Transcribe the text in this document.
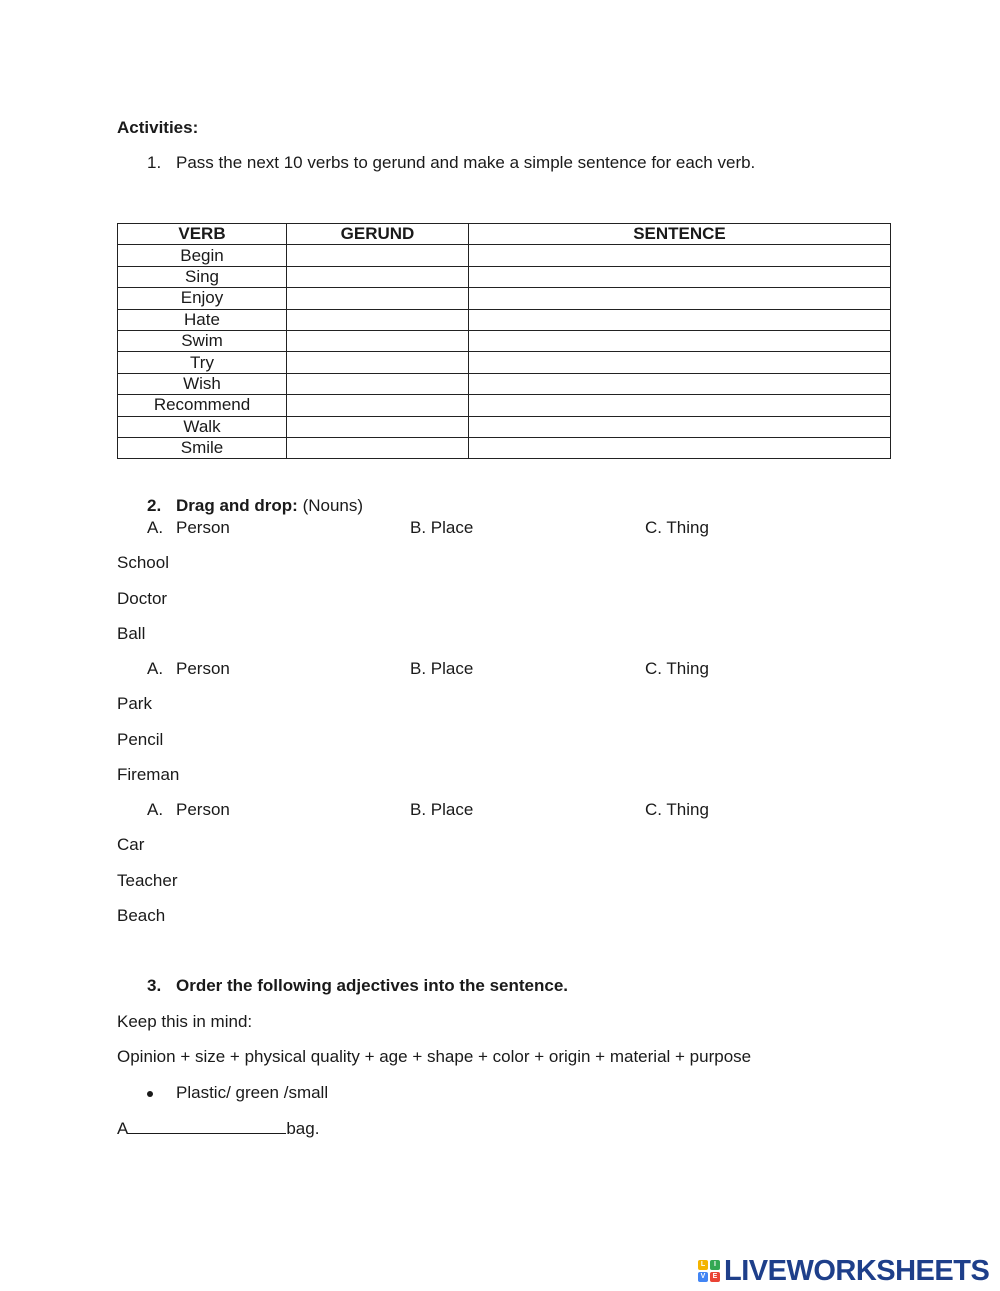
Activities:
1. Pass the next 10 verbs to gerund and make a simple sentence for each verb.
VERB	GERUND	SENTENCE
Begin		
Sing		
Enjoy		
Hate		
Swim		
Try		
Wish		
Recommend		
Walk		
Smile		
2. Drag and drop: (Nouns)
A. Person	B. Place	C. Thing
School
Doctor
Ball
A. Person	B. Place	C. Thing
Park
Pencil
Fireman
A. Person	B. Place	C. Thing
Car
Teacher
Beach
3. Order the following adjectives into the sentence.
Keep this in mind:
Opinion + size + physical quality + age + shape + color + origin + material + purpose
Plastic/ green /small
A	bag.
L	I
V	E LIVEWORKSHEETS
